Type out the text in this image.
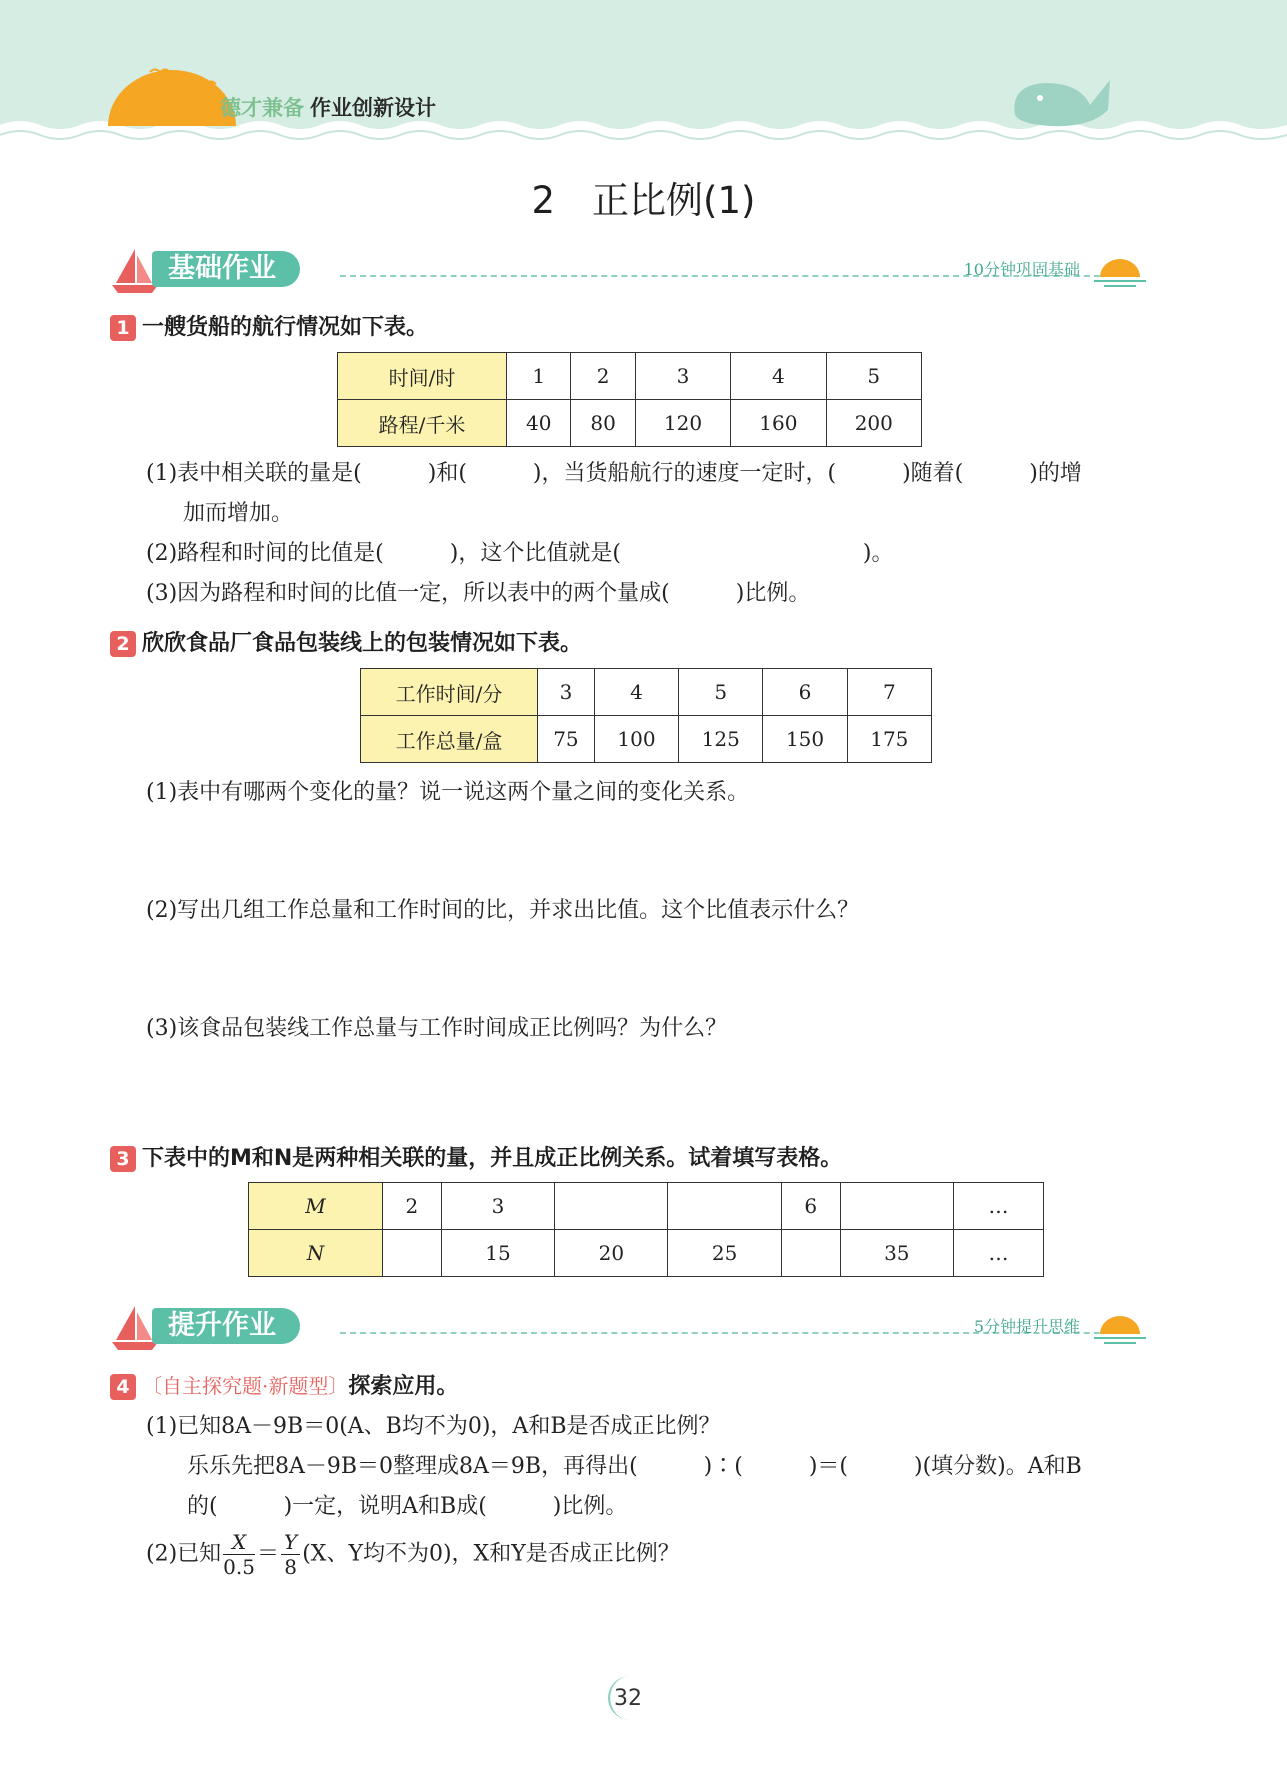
德才兼备 作业创新设计
2　正比例(1)
基础作业	10分钟巩固基础
1 一艘货船的航行情况如下表。
时间/时	1	2	3	4	5
路程/千米	40	80	120	160	200
(1)表中相关联的量是(　　　)和(　　　)，当货船航行的速度一定时，(　　　)随着(　　　)的增
加而增加。
(2)路程和时间的比值是(　　　)，这个比值就是(　　　　　　　　　　　)。
(3)因为路程和时间的比值一定，所以表中的两个量成(　　　)比例。
2 欣欣食品厂食品包装线上的包装情况如下表。
工作时间/分	3	4	5	6	7
工作总量/盒	75	100	125	150	175
(1)表中有哪两个变化的量？说一说这两个量之间的变化关系。
(2)写出几组工作总量和工作时间的比，并求出比值。这个比值表示什么？
(3)该食品包装线工作总量与工作时间成正比例吗？为什么？
3 下表中的M和N是两种相关联的量，并且成正比例关系。试着填写表格。
M	2	3			6		…
N		15	20	25		35	…
提升作业	5分钟提升思维
4 〔自主探究题·新题型〕探索应用。
(1)已知8A－9B＝0(A、B均不为0)，A和B是否成正比例？
乐乐先把8A－9B＝0整理成8A＝9B，再得出(　　　)∶(　　　)＝(　　　)(填分数)。A和B
的(　　　)一定，说明A和B成(　　　)比例。
(2)已知 $\frac{X}{0.5} = \frac{Y}{8} (X$、Y均不为0)，X和Y是否成正比例？
32
